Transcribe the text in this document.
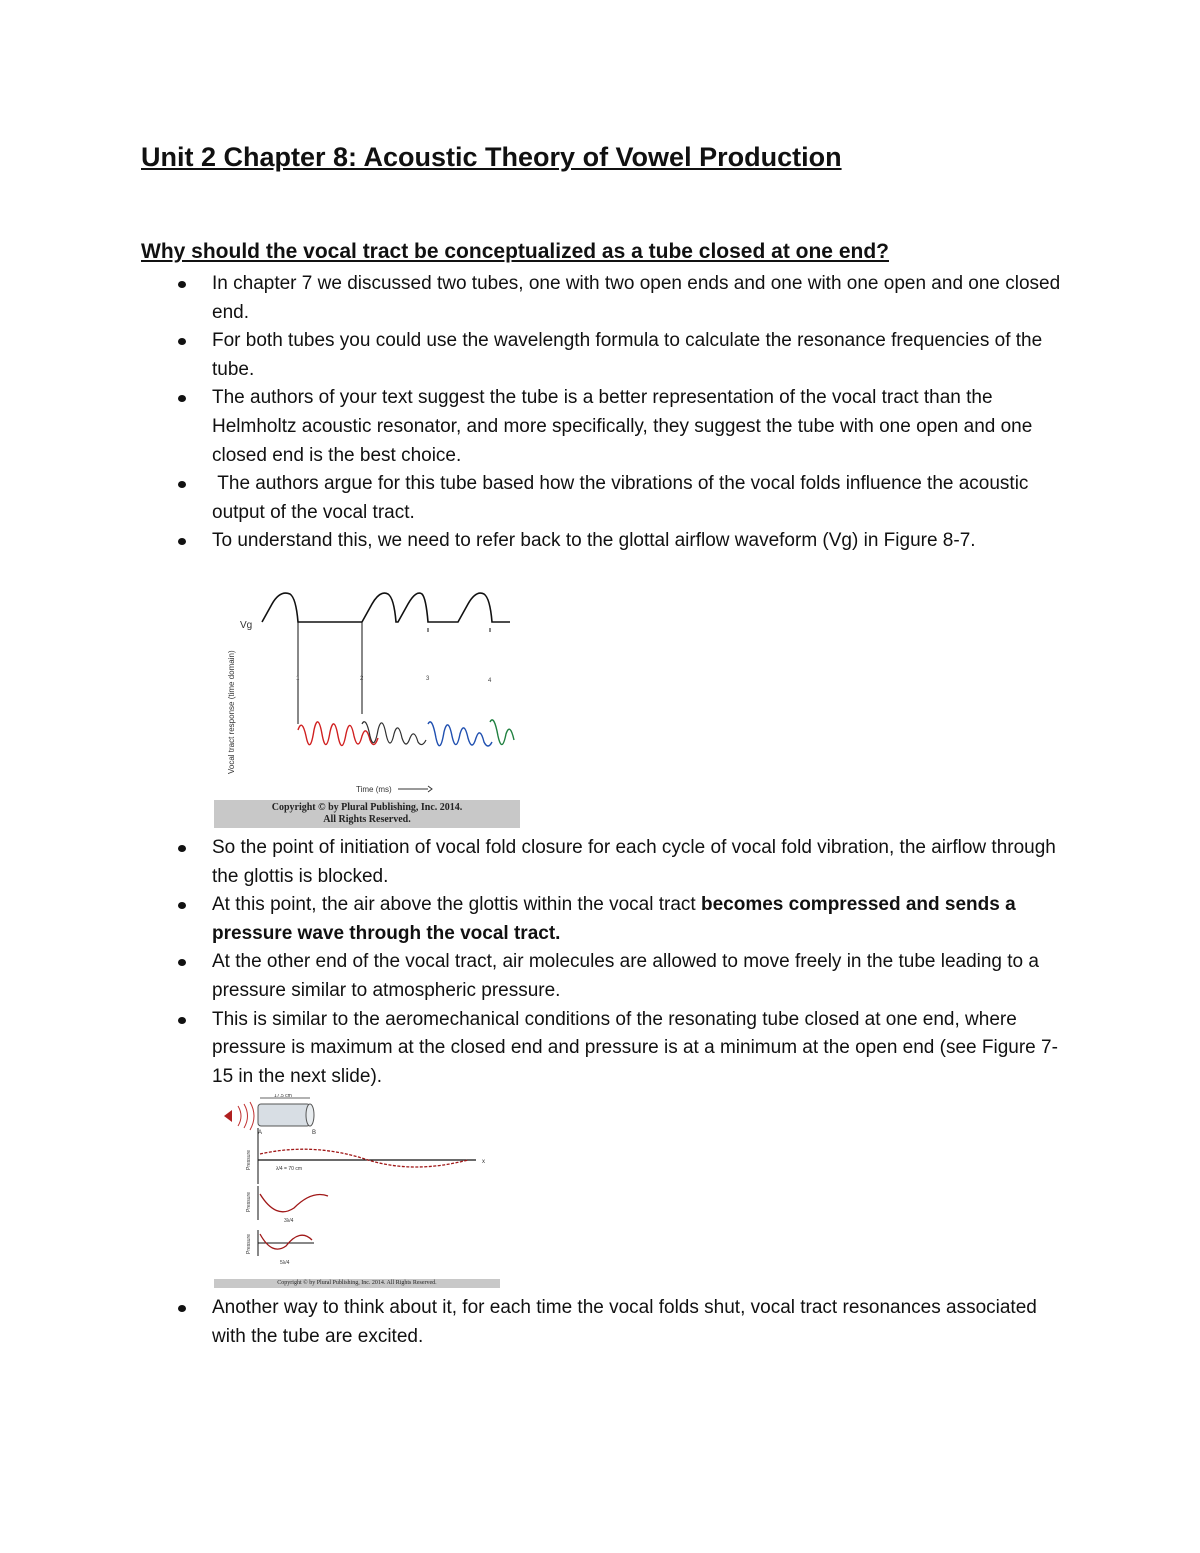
Unit 2 Chapter 8: Acoustic Theory of Vowel Production
Why should the vocal tract be conceptualized as a tube closed at one end?
In chapter 7 we discussed two tubes, one with two open ends and one with one open and one closed end.
For both tubes you could use the wavelength formula to calculate the resonance frequencies of the tube.
The authors of your text suggest the tube is a better representation of the vocal tract than the Helmholtz acoustic resonator, and more specifically, they suggest the tube with one open and one closed end is the best choice.
The authors argue for this tube based how the vibrations of the vocal folds influence the acoustic output of the vocal tract.
To understand this, we need to refer back to the glottal airflow waveform (Vg) in Figure 8-7.
Vg
1	2	3	4
Vocal tract response (time domain)
Time (ms)
Copyright © by Plural Publishing, Inc. 2014.
All Rights Reserved.
So the point of initiation of vocal fold closure for each cycle of vocal fold vibration, the airflow through the glottis is blocked.
At this point, the air above the glottis within the vocal tract becomes compressed and sends a pressure wave through the vocal tract.
At the other end of the vocal tract, air molecules are allowed to move freely in the tube leading to a pressure similar to atmospheric pressure.
This is similar to the aeromechanical conditions of the resonating tube closed at one end, where pressure is maximum at the closed end and pressure is at a minimum at the open end (see Figure 7-15 in the next slide).
17.5 cm
A	B
x
Pressure	λ/4 = 70 cm
Pressure
3λ/4
Pressure
5λ/4
Copyright © by Plural Publishing, Inc. 2014. All Rights Reserved.
Another way to think about it, for each time the vocal folds shut, vocal tract resonances associated with the tube are excited.
